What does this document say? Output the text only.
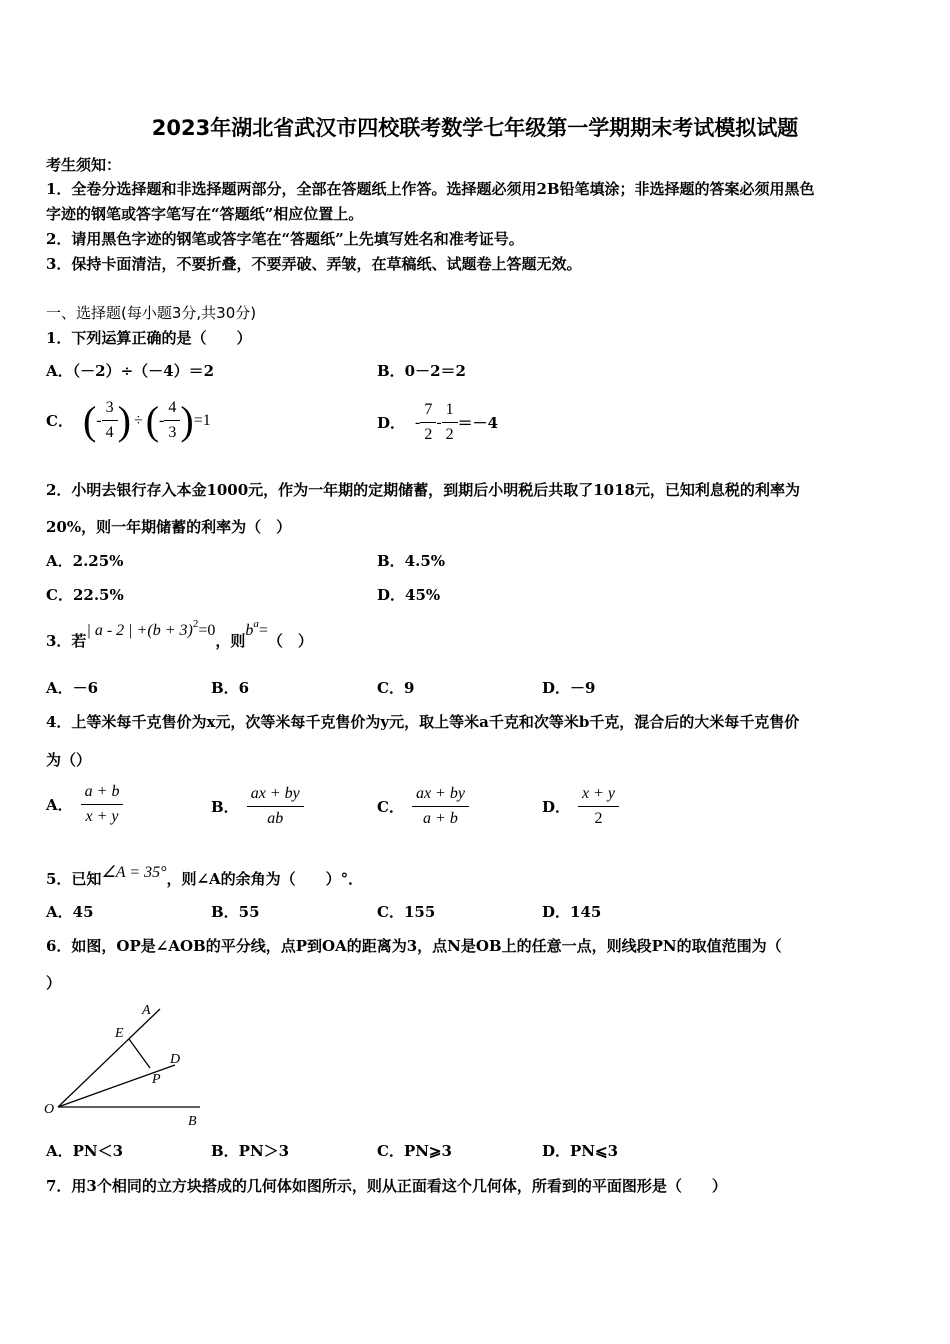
2023年湖北省武汉市四校联考数学七年级第一学期期末考试模拟试题
考生须知：
1．全卷分选择题和非选择题两部分，全部在答题纸上作答。选择题必须用2B铅笔填涂；非选择题的答案必须用黑色
字迹的钢笔或答字笔写在“答题纸”相应位置上。
2．请用黑色字迹的钢笔或答字笔在“答题纸”上先填写姓名和准考证号。
3．保持卡面清洁，不要折叠，不要弄破、弄皱，在草稿纸、试题卷上答题无效。
一、选择题(每小题3分,共30分)
1．下列运算正确的是（　　）
A．（－2）÷（－4）＝2	B．0－2＝2
C． ( - $\frac{3}{4}$ ) ÷ ( - $\frac{4}{3}$ ) =1	D． - $\frac{7}{2} - \frac{1}{2} =-4$
2．小明去银行存入本金1000元，作为一年期的定期储蓄，到期后小明税后共取了1018元，已知利息税的利率为
20%，则一年期储蓄的利率为（　）
A．2.25%	B．4.5%
C．22.5%	D．45%
3．若
| a - 2 | +(b + 3) 2 =0
，则
b a =
（　）
A．－6	B．6	C．9	D．－9
4．上等米每千克售价为x元，次等米每千克售价为y元，取上等米a千克和次等米b千克，混合后的大米每千克售价
为（）
A． $\frac{a + b}{x + y}$	B． $\frac{ax + by}{ab}$	C． $\frac{ax + by}{a + b}$	D． $\frac{x + y}{2}$
5．已知 ∠A = 35° ，则∠A的余角为（　　）°．
A．45	B．55	C．155	D．145
6．如图，OP是∠AOB的平分线，点P到OA的距离为3，点N是OB上的任意一点，则线段PN的取值范围为（
）
A
E
D
P
O
B
A．PN＜3	B．PN＞3	C．PN⩾3	D．PN⩽3
7．用3个相同的立方块搭成的几何体如图所示，则从正面看这个几何体，所看到的平面图形是（　　）
